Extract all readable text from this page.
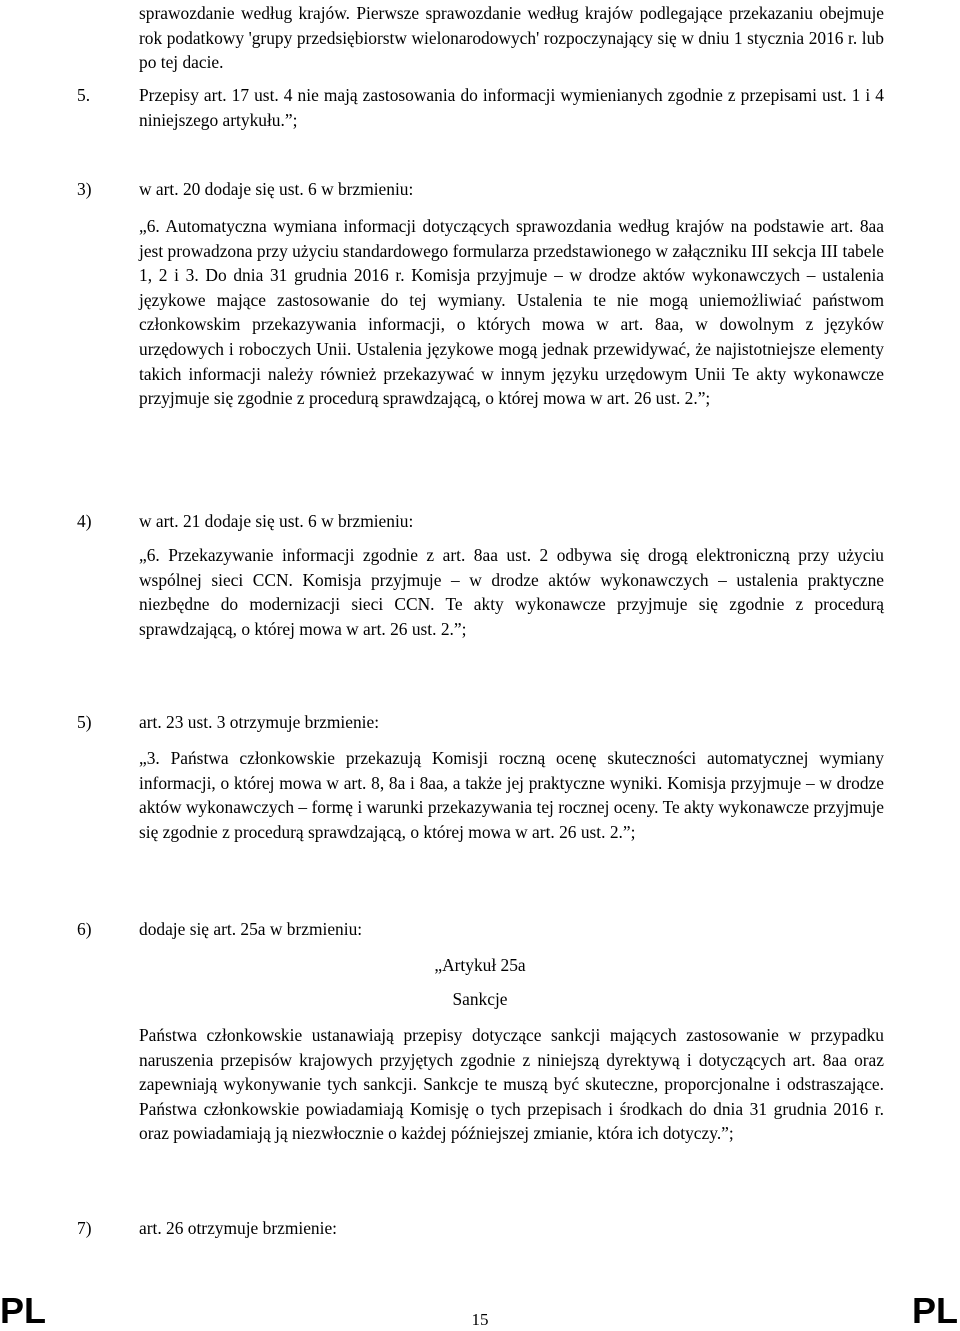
sprawozdanie według krajów. Pierwsze sprawozdanie według krajów podlegające przekazaniu obejmuje rok podatkowy 'grupy przedsiębiorstw wielonarodowych' rozpoczynający się w dniu 1 stycznia 2016 r. lub po tej dacie.

5.	Przepisy art. 17 ust. 4 nie mają zastosowania do informacji wymienianych zgodnie z przepisami ust. 1 i 4 niniejszego artykułu.”;

3)	w art. 20 dodaje się ust. 6 w brzmieniu:

„6. Automatyczna wymiana informacji dotyczących sprawozdania według krajów na podstawie art. 8aa jest prowadzona przy użyciu standardowego formularza przedstawionego w załączniku III sekcja III tabele 1, 2 i 3. Do dnia 31 grudnia 2016 r. Komisja przyjmuje – w drodze aktów wykonawczych – ustalenia językowe mające zastosowanie do tej wymiany. Ustalenia te nie mogą uniemożliwiać państwom członkowskim przekazywania informacji, o których mowa w art. 8aa, w dowolnym z języków urzędowych i roboczych Unii. Ustalenia językowe mogą jednak przewidywać, że najistotniejsze elementy takich informacji należy również przekazywać w innym języku urzędowym Unii Te akty wykonawcze przyjmuje się zgodnie z procedurą sprawdzającą, o której mowa w art. 26 ust. 2.”;

4)	w art. 21 dodaje się ust. 6 w brzmieniu:

„6. Przekazywanie informacji zgodnie z art. 8aa ust. 2 odbywa się drogą elektroniczną przy użyciu wspólnej sieci CCN. Komisja przyjmuje – w drodze aktów wykonawczych – ustalenia praktyczne niezbędne do modernizacji sieci CCN. Te akty wykonawcze przyjmuje się zgodnie z procedurą sprawdzającą, o której mowa w art. 26 ust. 2.”;

5)	art. 23 ust. 3 otrzymuje brzmienie:

„3. Państwa członkowskie przekazują Komisji roczną ocenę skuteczności automatycznej wymiany informacji, o której mowa w art. 8, 8a i 8aa, a także jej praktyczne wyniki. Komisja przyjmuje – w drodze aktów wykonawczych – formę i warunki przekazywania tej rocznej oceny. Te akty wykonawcze przyjmuje się zgodnie z procedurą sprawdzającą, o której mowa w art. 26 ust. 2.”;

6)	dodaje się art. 25a w brzmieniu:
„Artykuł 25a
Sankcje

Państwa członkowskie ustanawiają przepisy dotyczące sankcji mających zastosowanie w przypadku naruszenia przepisów krajowych przyjętych zgodnie z niniejszą dyrektywą i dotyczących art. 8aa oraz zapewniają wykonywanie tych sankcji. Sankcje te muszą być skuteczne, proporcjonalne i odstraszające. Państwa członkowskie powiadamiają Komisję o tych przepisach i środkach do dnia 31 grudnia 2016 r. oraz powiadamiają ją niezwłocznie o każdej późniejszej zmianie, która ich dotyczy.”;

7)	art. 26 otrzymuje brzmienie:
PL	15	PL
